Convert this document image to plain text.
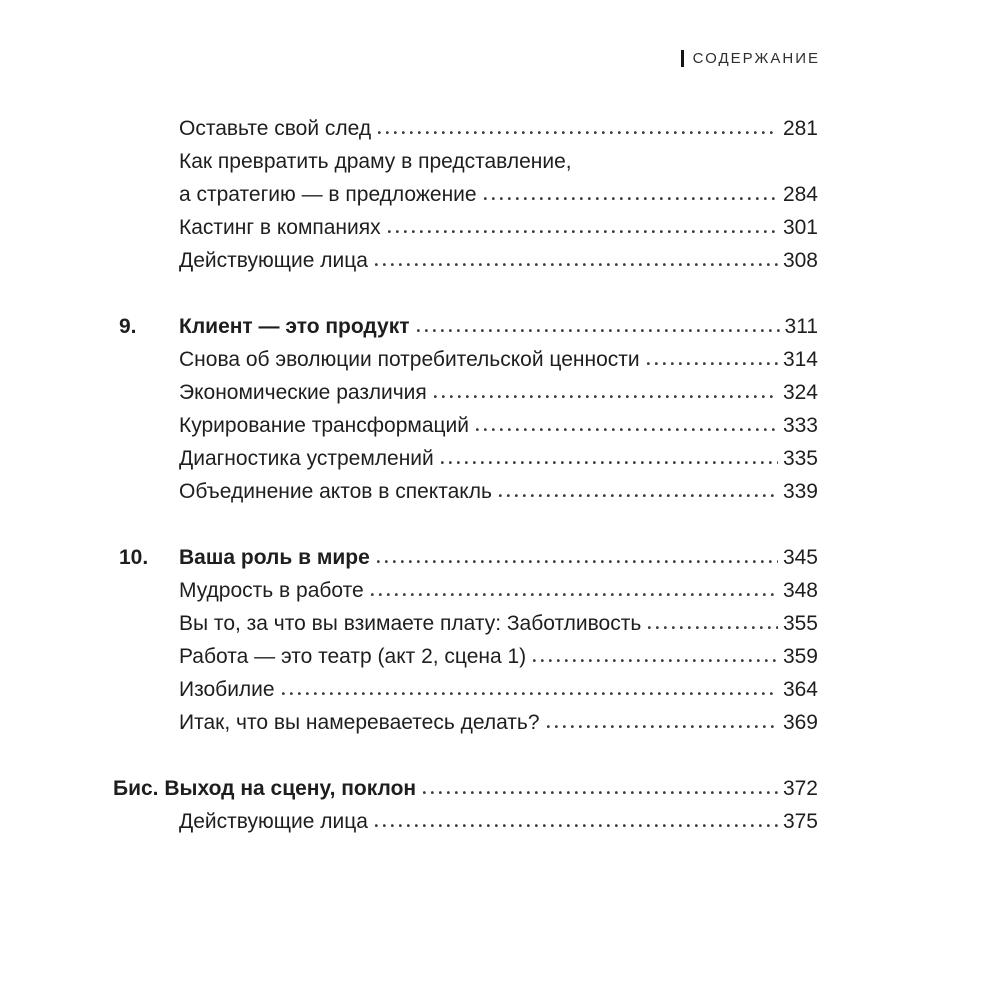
СОДЕРЖАНИЕ
Оставьте свой след	281
Как превратить драму в представление,
а стратегию — в предложение	284
Кастинг в компаниях	301
Действующие лица	308
9.	Клиент — это продукт	311
Снова об эволюции потребительской ценности	314
Экономические различия	324
Курирование трансформаций	333
Диагностика устремлений	335
Объединение актов в спектакль	339
10.	Ваша роль в мире	345
Мудрость в работе	348
Вы то, за что вы взимаете плату: Заботливость	355
Работа — это театр (акт 2, сцена 1)	359
Изобилие	364
Итак, что вы намереваетесь делать?	369
Бис. Выход на сцену, поклон	372
Действующие лица	375
